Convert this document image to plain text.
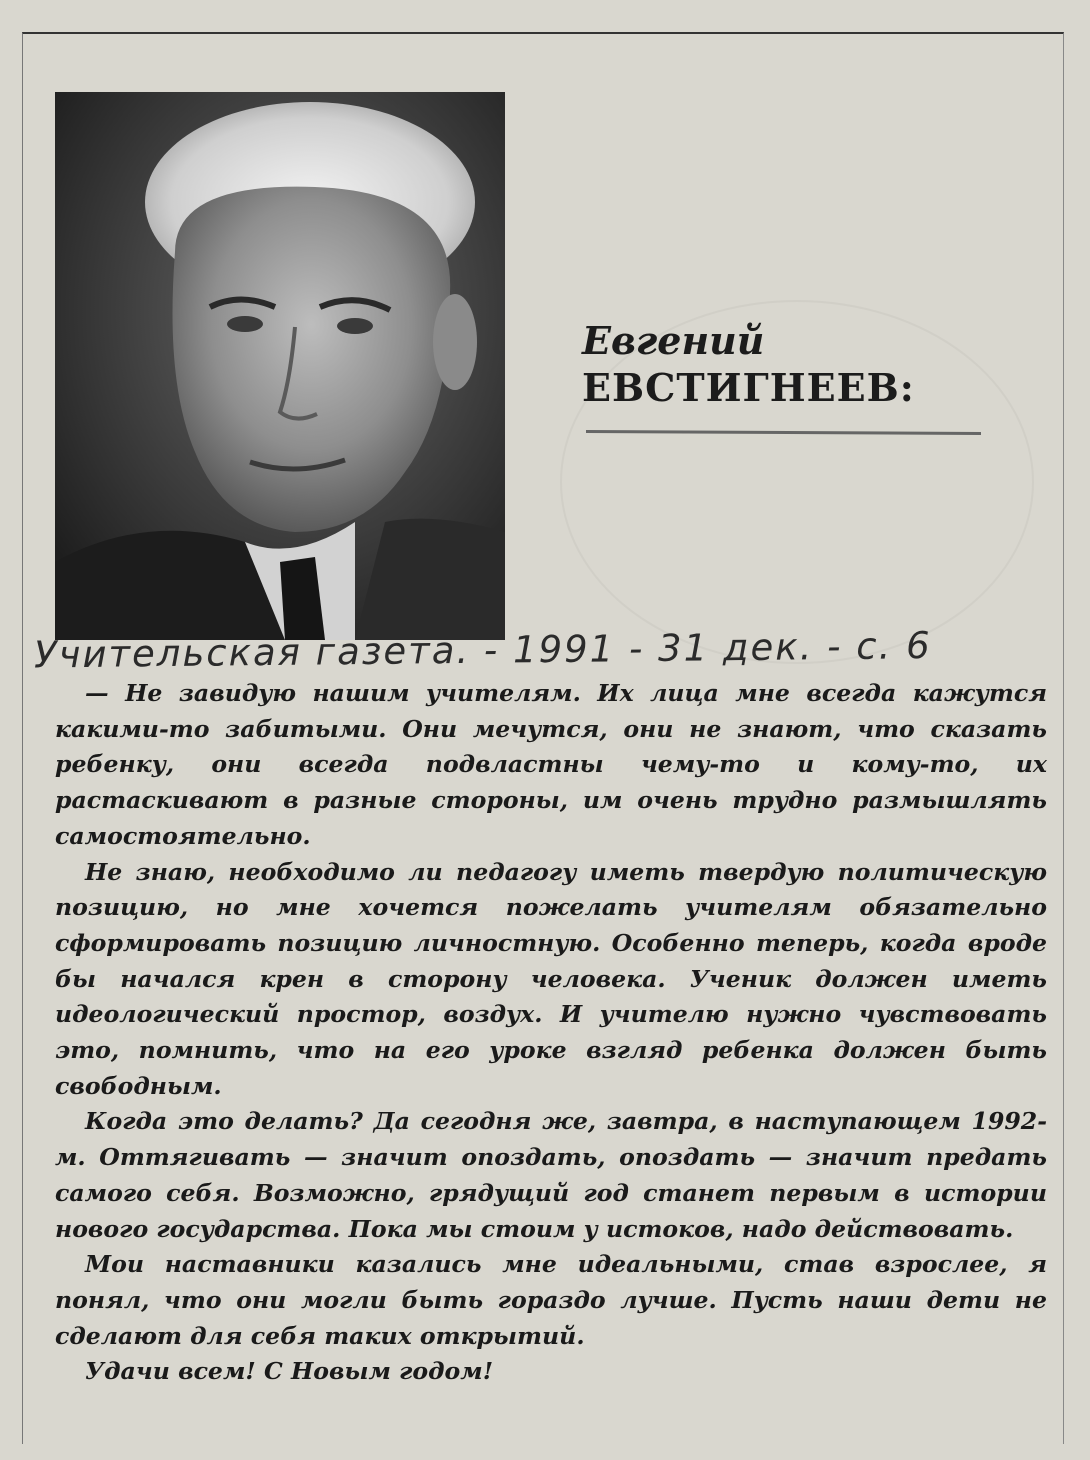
Евгений
ЕВСТИГНЕЕВ:
Учительская газета. - 1991 - 31 дек. - с. 6

— Не завидую нашим учителям. Их лица мне всегда кажутся какими-то забитыми. Они мечутся, они не знают, что сказать ребенку, они всегда подвластны чему-то и кому-то, их растаскивают в разные стороны, им очень трудно размышлять самостоятельно.

Не знаю, необходимо ли педагогу иметь твердую политическую позицию, но мне хочется пожелать учителям обязательно сформировать позицию личностную. Особенно теперь, когда вроде бы начался крен в сторону человека. Ученик должен иметь идеологический простор, воздух. И учителю нужно чувствовать это, помнить, что на его уроке взгляд ребенка должен быть свободным.

Когда это делать? Да сегодня же, завтра, в наступающем 1992-м. Оттягивать — значит опоздать, опоздать — значит предать самого себя. Возможно, грядущий год станет первым в истории нового государства. Пока мы стоим у истоков, надо действовать.

Мои наставники казались мне идеальными, став взрослее, я понял, что они могли быть гораздо лучше. Пусть наши дети не сделают для себя таких открытий.

Удачи всем! С Новым годом!
